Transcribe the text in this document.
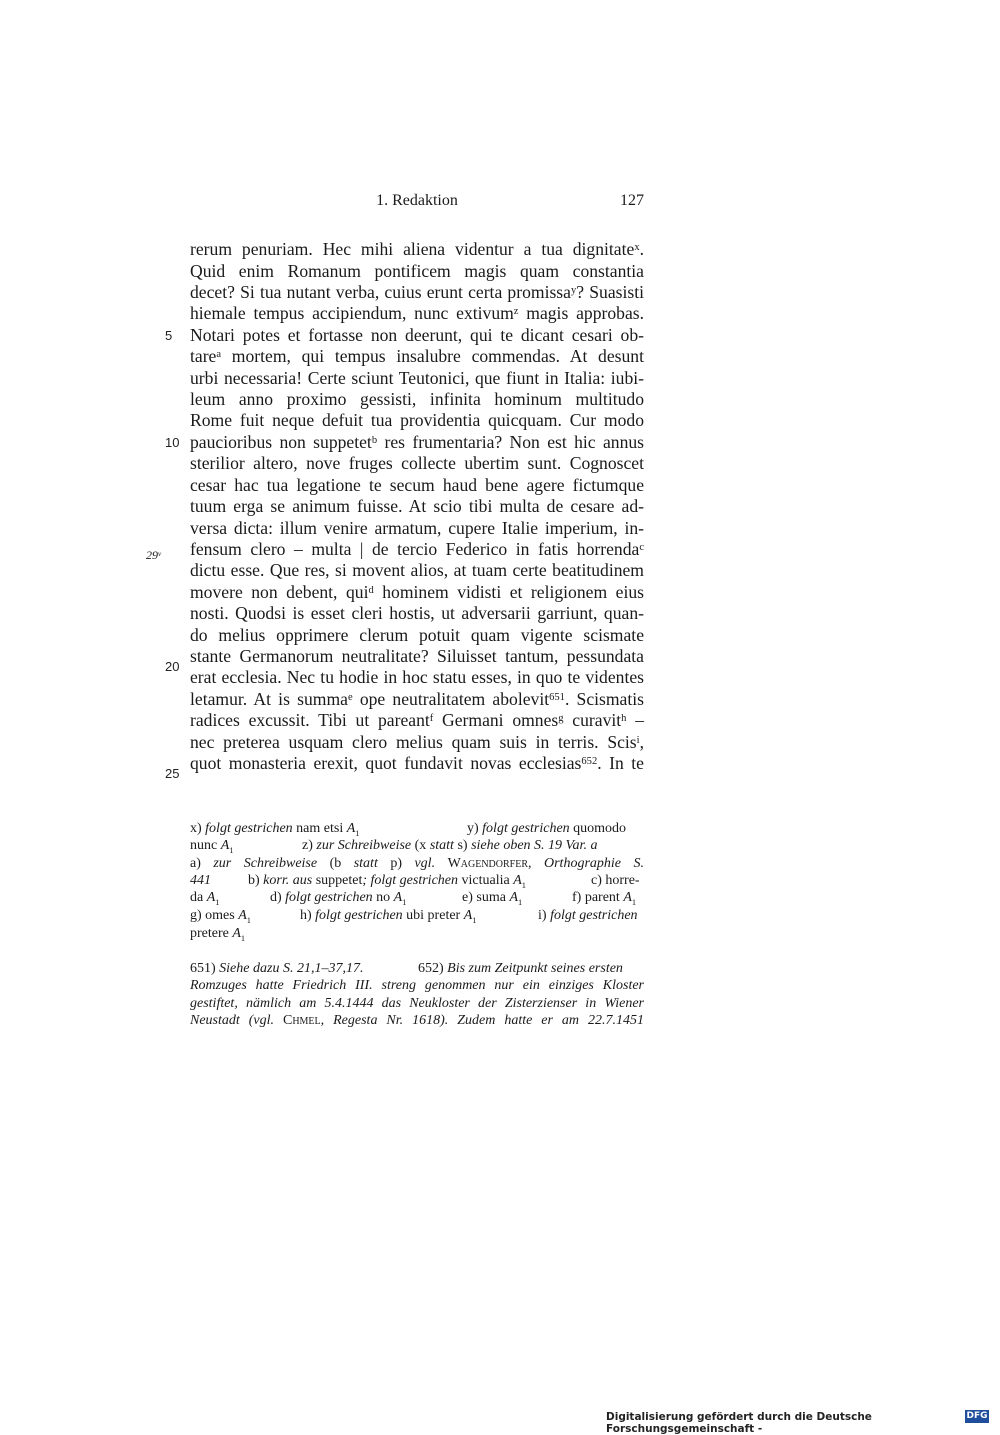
1. Redaktion	127
29$^v$
5
10
20
25
rerum penuriam. Hec mihi aliena videntur a tua dignitate$^x$.
Quid enim Romanum pontificem magis quam constantia
decet? Si tua nutant verba, cuius erunt certa promissa$^y$? Suasisti
hiemale tempus accipiendum, nunc extivum$^z$ magis approbas.
Notari potes et fortasse non deerunt, qui te dicant cesari ob-
tare$^a$ mortem, qui tempus insalubre commendas. At desunt
urbi necessaria! Certe sciunt Teutonici, que fiunt in Italia: iubi-
leum anno proximo gessisti, infinita hominum multitudo
Rome fuit neque defuit tua providentia quicquam. Cur modo
paucioribus non suppetet$^b$ res frumentaria? Non est hic annus
sterilior altero, nove fruges collecte ubertim sunt. Cognoscet
cesar hac tua legatione te secum haud bene agere fictumque
tuum erga se animum fuisse. At scio tibi multa de cesare ad-
versa dicta: illum venire armatum, cupere Italie imperium, in-
fensum clero – multa | de tercio Federico in fatis horrenda$^c$
dictu esse. Que res, si movent alios, at tuam certe beatitudinem
movere non debent, qui$^d$ hominem vidisti et religionem eius
nosti. Quodsi is esset cleri hostis, ut adversarii garriunt, quan-
do melius opprimere clerum potuit quam vigente scismate
stante Germanorum neutralitate? Siluisset tantum, pessundata
erat ecclesia. Nec tu hodie in hoc statu esses, in quo te videntes
letamur. At is summa$^e$ ope neutralitatem abolevit$^{651}$. Scismatis
radices excussit. Tibi ut pareant$^f$ Germani omnes$^g$ curavit$^h$ –
nec preterea usquam clero melius quam suis in terris. Scis$^i$,
quot monasteria erexit, quot fundavit novas ecclesias$^{652}$. In te
x) folgt gestrichen nam etsi $A_1$	y) folgt gestrichen quomodo
nunc $A_1$	z) zur Schreibweise (x statt s) siehe oben S. 19 Var. a
a) zur Schreibweise (b statt p) vgl. Wagendorfer, Orthographie S.
441	b) korr. aus suppetet; folgt gestrichen victualia $A_1$	c) horre-
da $A_1$	d) folgt gestrichen no $A_1$	e) suma $A_1$	f) parent $A_1$
g) omes $A_1$	h) folgt gestrichen ubi preter $A_1$	i) folgt gestrichen
pretere $A_1$
651) Siehe dazu S. 21,1–37,17.	652) Bis zum Zeitpunkt seines ersten
Romzuges hatte Friedrich III. streng genommen nur ein einziges Kloster
gestiftet, nämlich am 5.4.1444 das Neukloster der Zisterzienser in Wiener
Neustadt (vgl. Chmel, Regesta Nr. 1618). Zudem hatte er am 22.7.1451
Digitalisierung gefördert durch die Deutsche Forschungsgemeinschaft -
DFG
